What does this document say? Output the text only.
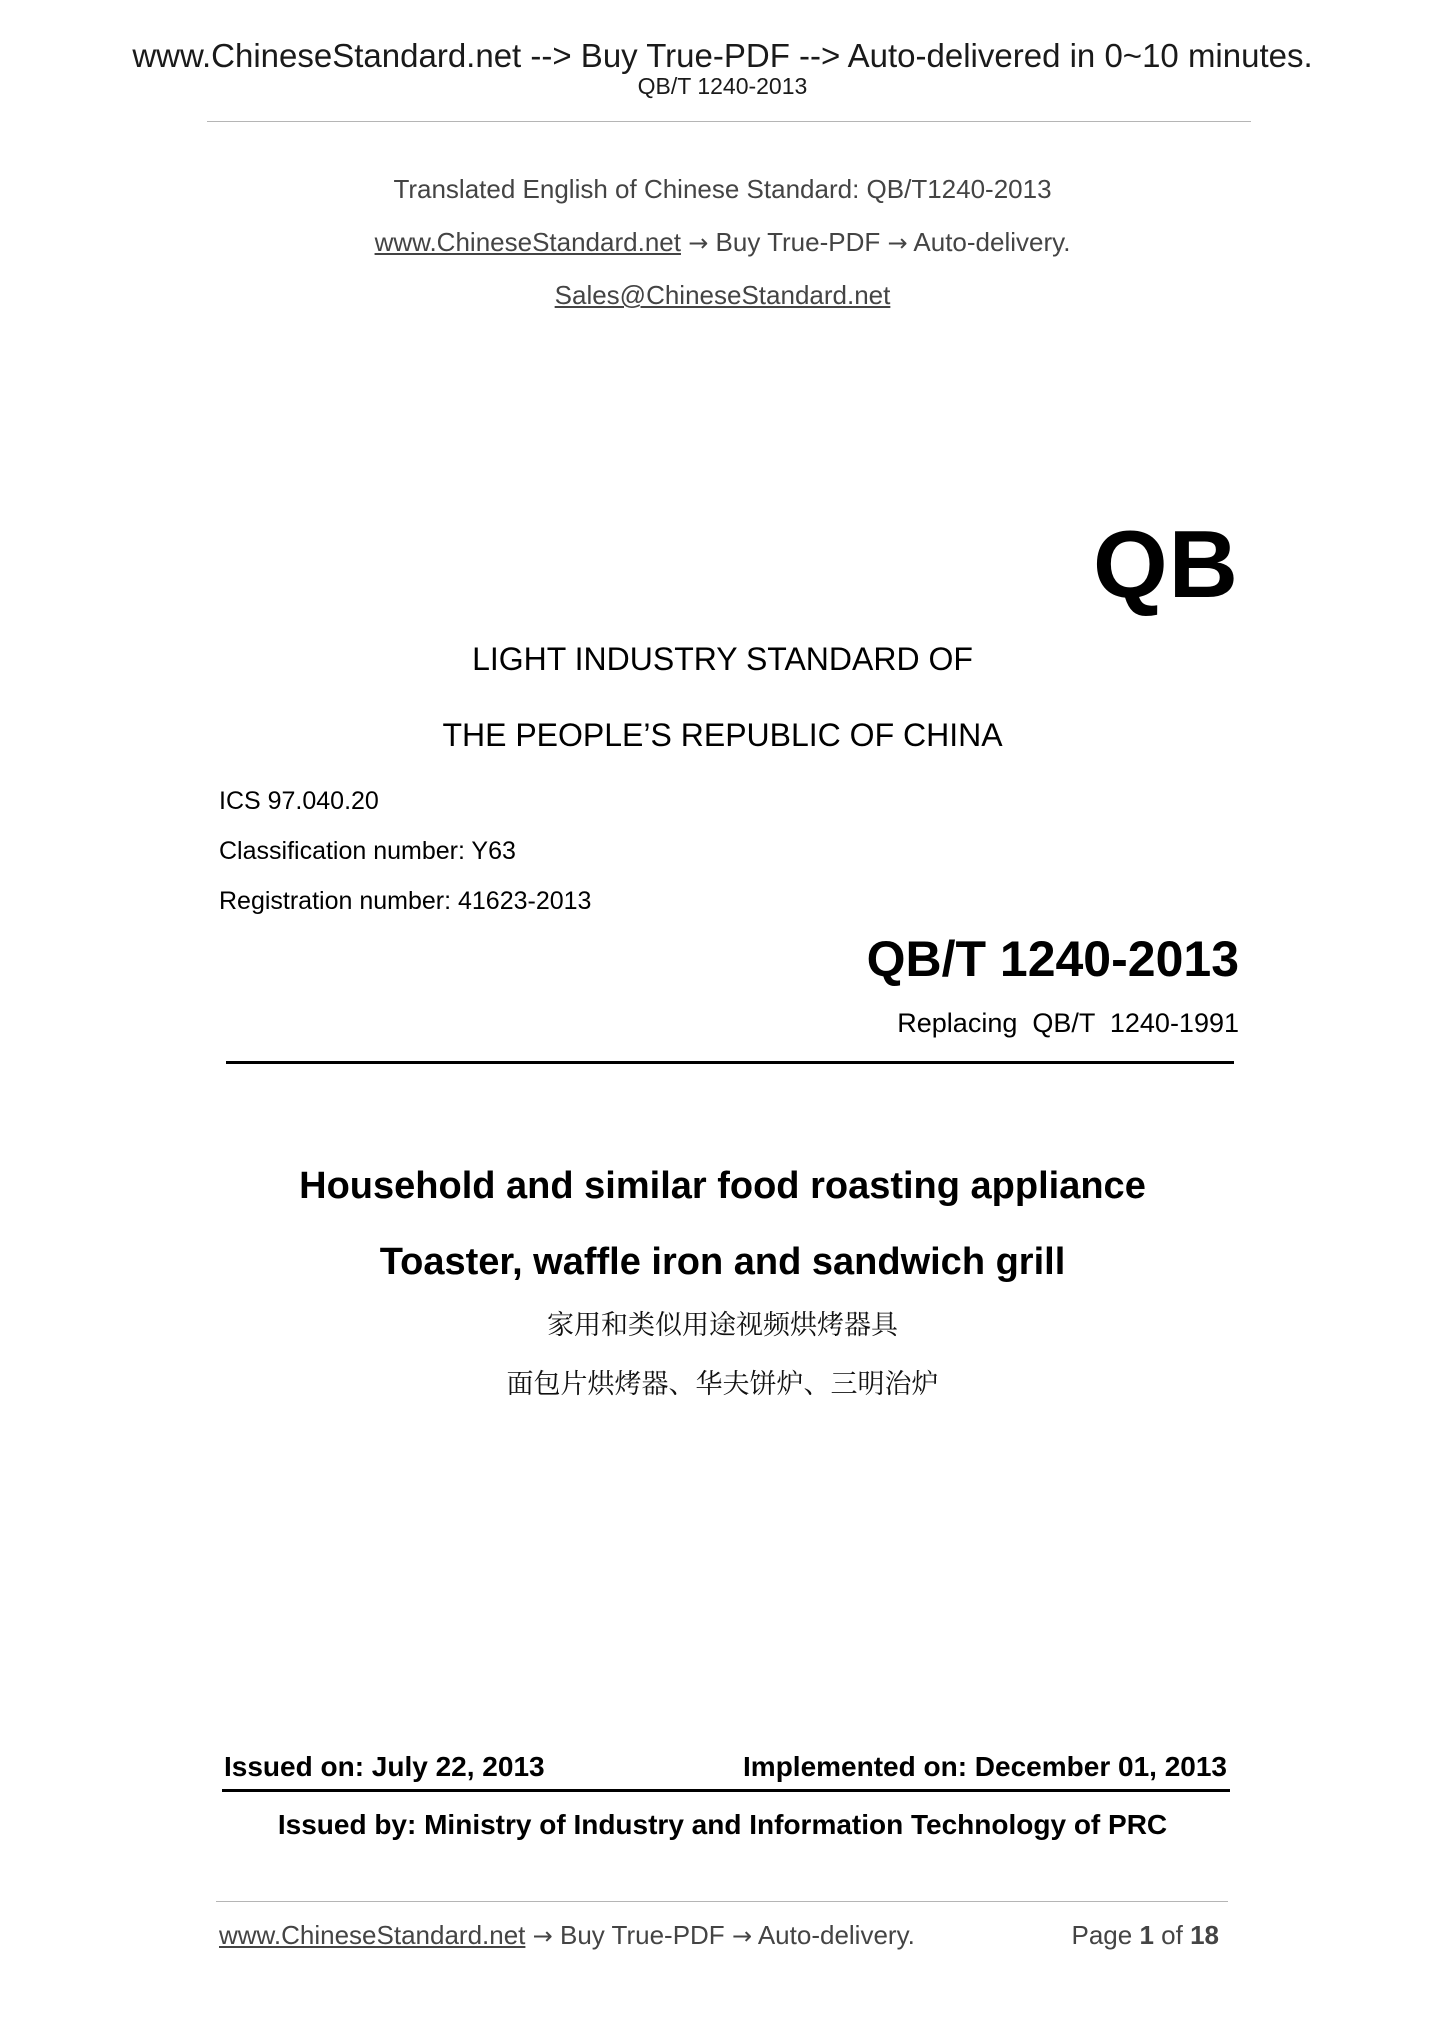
www.ChineseStandard.net --> Buy True-PDF --> Auto-delivered in 0~10 minutes.
QB/T 1240-2013
Translated English of Chinese Standard: QB/T1240-2013
www.ChineseStandard.net → Buy True-PDF → Auto-delivery.
Sales@ChineseStandard.net
QB
LIGHT INDUSTRY STANDARD OF
THE PEOPLE’S REPUBLIC OF CHINA
ICS 97.040.20
Classification number: Y63
Registration number: 41623-2013
QB/T 1240-2013
Replacing  QB/T  1240-1991
Household and similar food roasting appliance
Toaster, waffle iron and sandwich grill
家用和类似用途视频烘烤器具
面包片烘烤器、华夫饼炉、三明治炉
Issued on: July 22, 2013	Implemented on: December 01, 2013
Issued by: Ministry of Industry and Information Technology of PRC
www.ChineseStandard.net → Buy True-PDF → Auto-delivery.	Page 1 of 18
